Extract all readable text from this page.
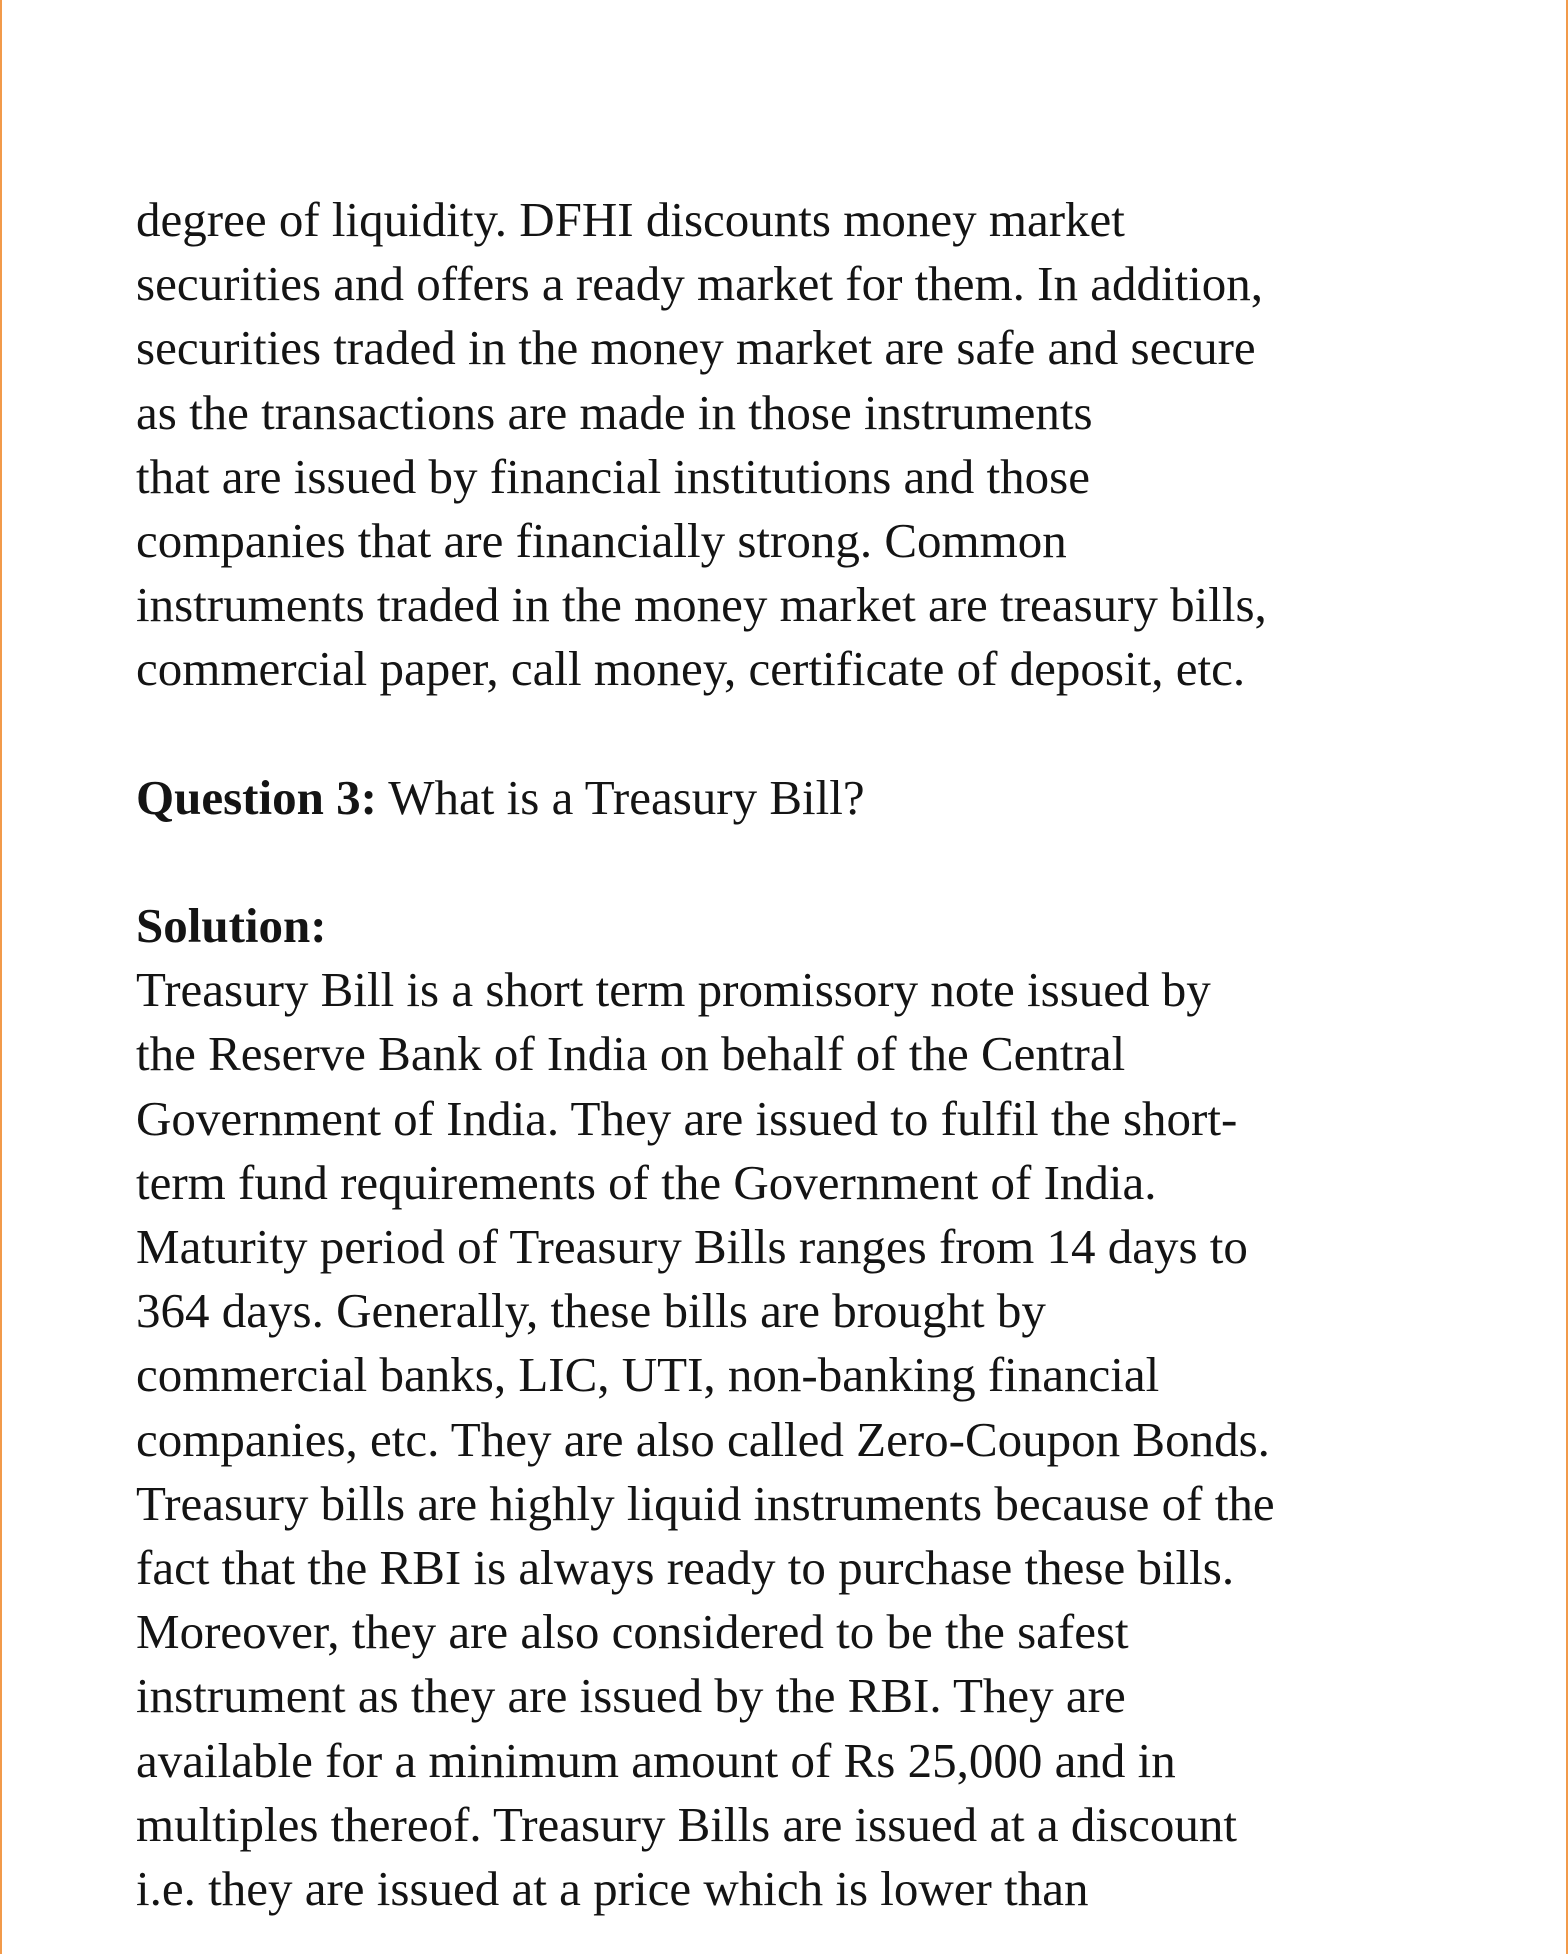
degree of liquidity. DFHI discounts money market
securities and offers a ready market for them. In addition,
securities traded in the money market are safe and secure
as the transactions are made in those instruments
that are issued by financial institutions and those
companies that are financially strong. Common
instruments traded in the money market are treasury bills,
commercial paper, call money, certificate of deposit, etc.
Question 3: What is a Treasury Bill?
Solution:
Treasury Bill is a short term promissory note issued by
the Reserve Bank of India on behalf of the Central
Government of India. They are issued to fulfil the short-
term fund requirements of the Government of India.
Maturity period of Treasury Bills ranges from 14 days to
364 days. Generally, these bills are brought by
commercial banks, LIC, UTI, non-banking financial
companies, etc. They are also called Zero-Coupon Bonds.
Treasury bills are highly liquid instruments because of the
fact that the RBI is always ready to purchase these bills.
Moreover, they are also considered to be the safest
instrument as they are issued by the RBI. They are
available for a minimum amount of Rs 25,000 and in
multiples thereof. Treasury Bills are issued at a discount
i.e. they are issued at a price which is lower than
